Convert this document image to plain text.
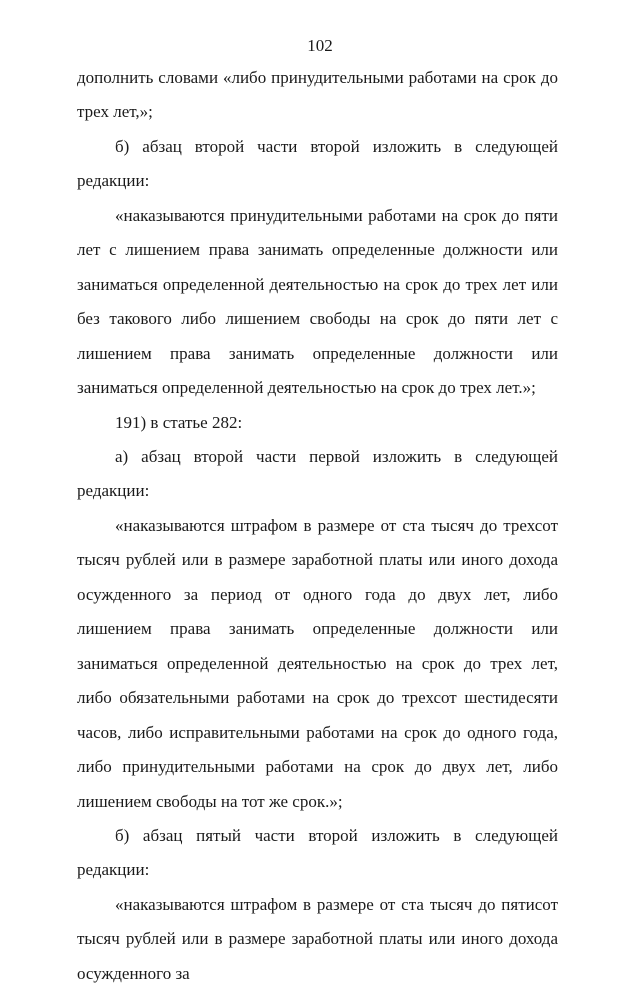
102

дополнить словами «либо принудительными работами на срок до трех лет,»;

б) абзац второй части второй изложить в следующей редакции:

«наказываются принудительными работами на срок до пяти лет с лишением права занимать определенные должности или заниматься определенной деятельностью на срок до трех лет или без такового либо лишением свободы на срок до пяти лет с лишением права занимать определенные должности или заниматься определенной деятельностью на срок до трех лет.»;

191) в статье 282:

а) абзац второй части первой изложить в следующей редакции:

«наказываются штрафом в размере от ста тысяч до трехсот тысяч рублей или в размере заработной платы или иного дохода осужденного за период от одного года до двух лет, либо лишением права занимать определенные должности или заниматься определенной деятельностью на срок до трех лет, либо обязательными работами на срок до трехсот шестидесяти часов, либо исправительными работами на срок до одного года, либо принудительными работами на срок до двух лет, либо лишением свободы на тот же срок.»;

б) абзац пятый части второй изложить в следующей редакции:

«наказываются штрафом в размере от ста тысяч до пятисот тысяч рублей или в размере заработной платы или иного дохода осужденного за
